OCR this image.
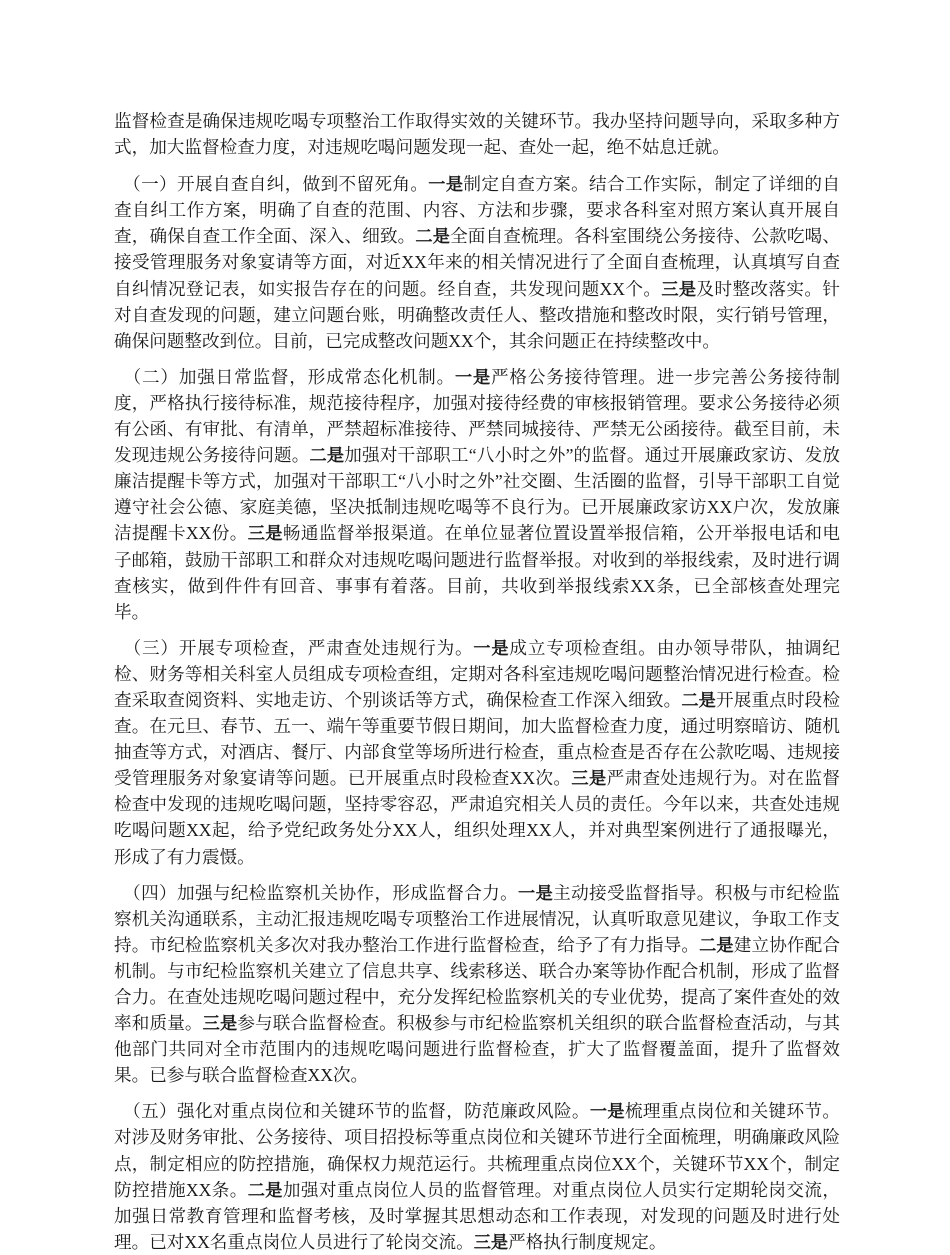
监督检查是确保违规吃喝专项整治工作取得实效的关键环节。我办坚持问题导向，采取多种方式，加大监督检查力度，对违规吃喝问题发现一起、查处一起，绝不姑息迁就。

　（一）开展自查自纠，做到不留死角。一是制定自查方案。结合工作实际，制定了详细的自查自纠工作方案，明确了自查的范围、内容、方法和步骤，要求各科室对照方案认真开展自查，确保自查工作全面、深入、细致。二是全面自查梳理。各科室围绕公务接待、公款吃喝、接受管理服务对象宴请等方面，对近XX年来的相关情况进行了全面自查梳理，认真填写自查自纠情况登记表，如实报告存在的问题。经自查，共发现问题XX个。三是及时整改落实。针对自查发现的问题，建立问题台账，明确整改责任人、整改措施和整改时限，实行销号管理，确保问题整改到位。目前，已完成整改问题XX个，其余问题正在持续整改中。

　（二）加强日常监督，形成常态化机制。一是严格公务接待管理。进一步完善公务接待制度，严格执行接待标准，规范接待程序，加强对接待经费的审核报销管理。要求公务接待必须有公函、有审批、有清单，严禁超标准接待、严禁同城接待、严禁无公函接待。截至目前，未发现违规公务接待问题。二是加强对干部职工“八小时之外”的监督。通过开展廉政家访、发放廉洁提醒卡等方式，加强对干部职工“八小时之外”社交圈、生活圈的监督，引导干部职工自觉遵守社会公德、家庭美德，坚决抵制违规吃喝等不良行为。已开展廉政家访XX户次，发放廉洁提醒卡XX份。三是畅通监督举报渠道。在单位显著位置设置举报信箱，公开举报电话和电子邮箱，鼓励干部职工和群众对违规吃喝问题进行监督举报。对收到的举报线索，及时进行调查核实，做到件件有回音、事事有着落。目前，共收到举报线索XX条，已全部核查处理完毕。

　（三）开展专项检查，严肃查处违规行为。一是成立专项检查组。由办领导带队，抽调纪检、财务等相关科室人员组成专项检查组，定期对各科室违规吃喝问题整治情况进行检查。检查采取查阅资料、实地走访、个别谈话等方式，确保检查工作深入细致。二是开展重点时段检查。在元旦、春节、五一、端午等重要节假日期间，加大监督检查力度，通过明察暗访、随机抽查等方式，对酒店、餐厅、内部食堂等场所进行检查，重点检查是否存在公款吃喝、违规接受管理服务对象宴请等问题。已开展重点时段检查XX次。三是严肃查处违规行为。对在监督检查中发现的违规吃喝问题，坚持零容忍，严肃追究相关人员的责任。今年以来，共查处违规吃喝问题XX起，给予党纪政务处分XX人，组织处理XX人，并对典型案例进行了通报曝光，形成了有力震慑。

　（四）加强与纪检监察机关协作，形成监督合力。一是主动接受监督指导。积极与市纪检监察机关沟通联系，主动汇报违规吃喝专项整治工作进展情况，认真听取意见建议，争取工作支持。市纪检监察机关多次对我办整治工作进行监督检查，给予了有力指导。二是建立协作配合机制。与市纪检监察机关建立了信息共享、线索移送、联合办案等协作配合机制，形成了监督合力。在查处违规吃喝问题过程中，充分发挥纪检监察机关的专业优势，提高了案件查处的效率和质量。三是参与联合监督检查。积极参与市纪检监察机关组织的联合监督检查活动，与其他部门共同对全市范围内的违规吃喝问题进行监督检查，扩大了监督覆盖面，提升了监督效果。已参与联合监督检查XX次。

　（五）强化对重点岗位和关键环节的监督，防范廉政风险。一是梳理重点岗位和关键环节。对涉及财务审批、公务接待、项目招投标等重点岗位和关键环节进行全面梳理，明确廉政风险点，制定相应的防控措施，确保权力规范运行。共梳理重点岗位XX个，关键环节XX个，制定防控措施XX条。二是加强对重点岗位人员的监督管理。对重点岗位人员实行定期轮岗交流，加强日常教育管理和监督考核，及时掌握其思想动态和工作表现，对发现的问题及时进行处理。已对XX名重点岗位人员进行了轮岗交流。三是严格执行制度规定。
